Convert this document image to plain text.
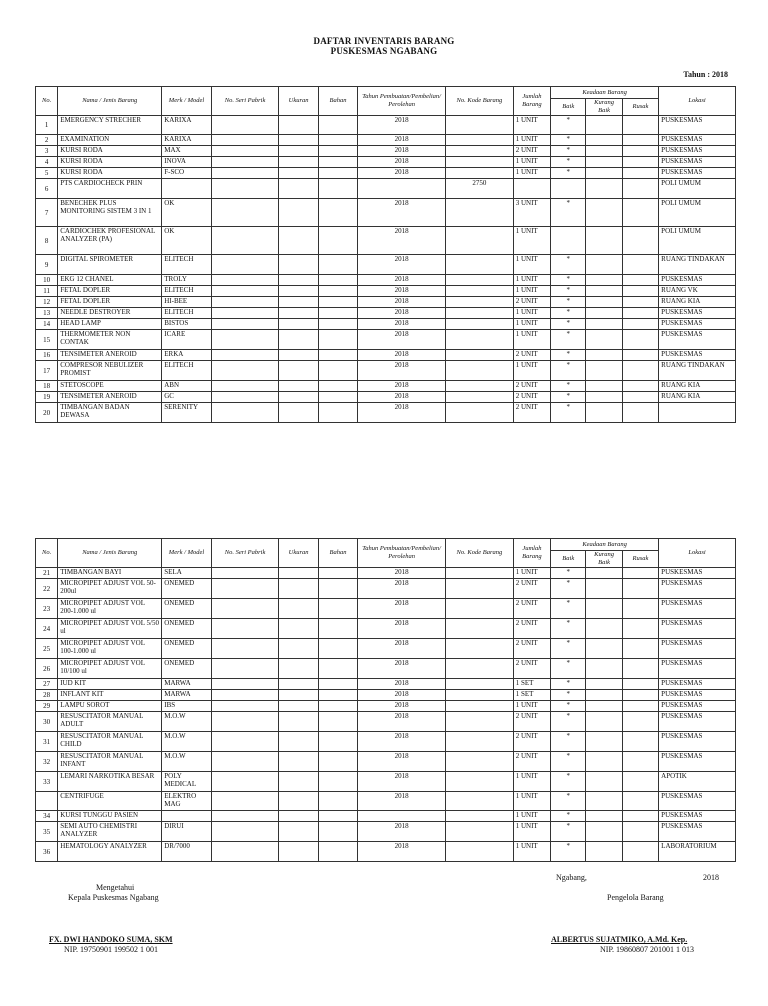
DAFTAR INVENTARIS BARANG
PUSKESMAS NGABANG
Tahun : 2018
No.	Nama / Jenis Barang	Merk / Model	No. Seri Pabrik	Ukuran	Bahan	Tahun Pembuatan/Pembelian/ Perolehan	No. Kode Barang	Jumlah Barang	Keadaan Barang			Lokasi
									Baik	Kurang Baik	Rusak	
1	EMERGENCY STRECHER	KARIXA				2018		1 UNIT	*			PUSKESMAS
2	EXAMINATION	KARIXA				2018		1 UNIT	*			PUSKESMAS
3	KURSI RODA	MAX				2018		2 UNIT	*			PUSKESMAS
4	KURSI RODA	INOVA				2018		1 UNIT	*			PUSKESMAS
5	KURSI RODA	F-SCO				2018		1 UNIT	*			PUSKESMAS
6	PTS CARDIOCHECK PRIN						2750					POLI UMUM
7	BENECHEK PLUS MONITORING SISTEM 3 IN 1	OK				2018		3 UNIT	*			POLI UMUM
8	CARDIOCHEK PROFESIONAL ANALYZER (PA)	OK				2018		1 UNIT				POLI UMUM
9	DIGITAL SPIROMETER	ELITECH				2018		1 UNIT	*			RUANG TINDAKAN
10	EKG 12 CHANEL	TROLY				2018		1 UNIT	*			PUSKESMAS
11	FETAL DOPLER	ELITECH				2018		1 UNIT	*			RUANG VK
12	FETAL DOPLER	HI-BEE				2018		2 UNIT	*			RUANG KIA
13	NEEDLE DESTROYER	ELITECH				2018		1 UNIT	*			PUSKESMAS
14	HEAD LAMP	BISTOS				2018		1 UNIT	*			PUSKESMAS
15	THERMOMETER NON CONTAK	ICARE				2018		1 UNIT	*			PUSKESMAS
16	TENSIMETER ANEROID	ERKA				2018		2 UNIT	*			PUSKESMAS
17	COMPRESOR NEBULIZER PROMIST	ELITECH				2018		1 UNIT	*			RUANG TINDAKAN
18	STETOSCOPE	ABN				2018		2 UNIT	*			RUANG KIA
19	TENSIMETER ANEROID	GC				2018		2 UNIT	*			RUANG KIA
20	TIMBANGAN BADAN DEWASA	SERENITY				2018		2 UNIT	*			
No.	Nama / Jenis Barang	Merk / Model	No. Seri Pabrik	Ukuran	Bahan	Tahun Pembuatan/Pembelian/ Perolehan	No. Kode Barang	Jumlah Barang	Keadaan Barang			Lokasi
									Baik	Kurang Baik	Rusak	
21	TIMBANGAN BAYI	SELA				2018		1 UNIT	*			PUSKESMAS
22	MICROPIPET ADJUST VOL 50-200ul	ONEMED				2018		2 UNIT	*			PUSKESMAS
23	MICROPIPET ADJUST VOL 200-1.000 ul	ONEMED				2018		2 UNIT	*			PUSKESMAS
24	MICROPIPET ADJUST VOL 5/50 ul	ONEMED				2018		2 UNIT	*			PUSKESMAS
25	MICROPIPET ADJUST VOL 100-1.000 ul	ONEMED				2018		2 UNIT	*			PUSKESMAS
26	MICROPIPET ADJUST VOL 10/100 ul	ONEMED				2018		2 UNIT	*			PUSKESMAS
27	IUD KIT	MARWA				2018		1 SET	*			PUSKESMAS
28	INFLANT KIT	MARWA				2018		1 SET	*			PUSKESMAS
29	LAMPU SOROT	IBS				2018		1 UNIT	*			PUSKESMAS
30	RESUSCITATOR MANUAL ADULT	M.O.W				2018		2 UNIT	*			PUSKESMAS
31	RESUSCITATOR MANUAL CHILD	M.O.W				2018		2 UNIT	*			PUSKESMAS
32	RESUSCITATOR MANUAL INFANT	M.O.W				2018		2 UNIT	*			PUSKESMAS
33	LEMARI NARKOTIKA BESAR	POLY MEDICAL				2018		1 UNIT	*			APOTIK
	CENTRIFUGE	ELEKTRO MAG				2018		1 UNIT	*			PUSKESMAS
34	KURSI TUNGGU PASIEN							1 UNIT	*			PUSKESMAS
35	SEMI AUTO CHEMISTRI ANALYZER	DIRUI				2018		1 UNIT	*			PUSKESMAS
36	HEMATOLOGY ANALYZER	DR/7000				2018		1 UNIT	*			LABORATORIUM
Ngabang,	2018
Mengetahui
Kepala Puskesmas Ngabang	Pengelola Barang
FX. DWI HANDOKO SUMA, SKM
NIP. 19750901 199502 1 001
ALBERTUS SUJATMIKO, A.Md. Kep.
NIP. 19860807 201001 1 013
